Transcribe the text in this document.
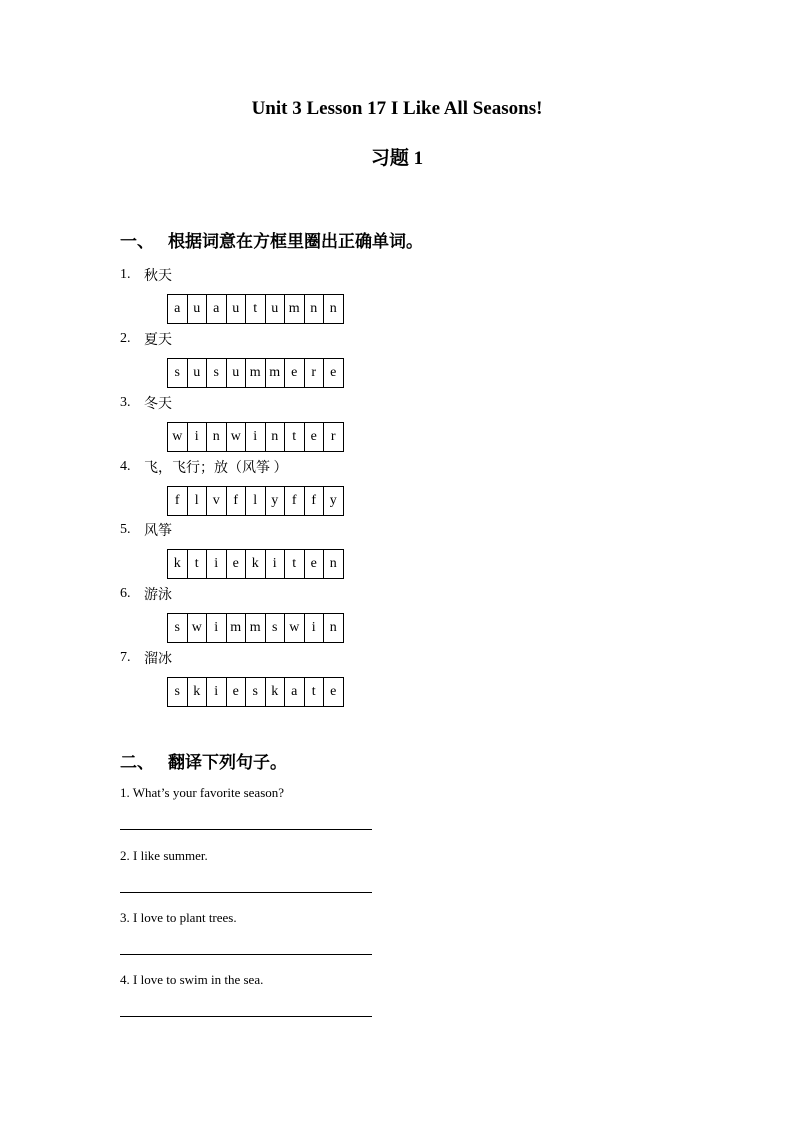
Unit 3 Lesson 17 I Like All Seasons!
习题 1
一、 根据词意在方框里圈出正确单词。
1. 秋天
a u a u	t	u m n n
2. 夏天
s u s u m m e	r	e
3. 冬天
w i	n w i	n	t	e	r
4. 飞，飞行；放（风筝 ）
f	l	v f	l	y f	f y
5. 风筝
k	t	i	e k	i	t	e n
6. 游泳
s w i m m s w i	n
7. 溜冰
s k	i	e s k a	t	e
二、 翻译下列句子。
1. What’s your favorite season?
2. I like summer.
3. I love to plant trees.
4. I love to swim in the sea.
